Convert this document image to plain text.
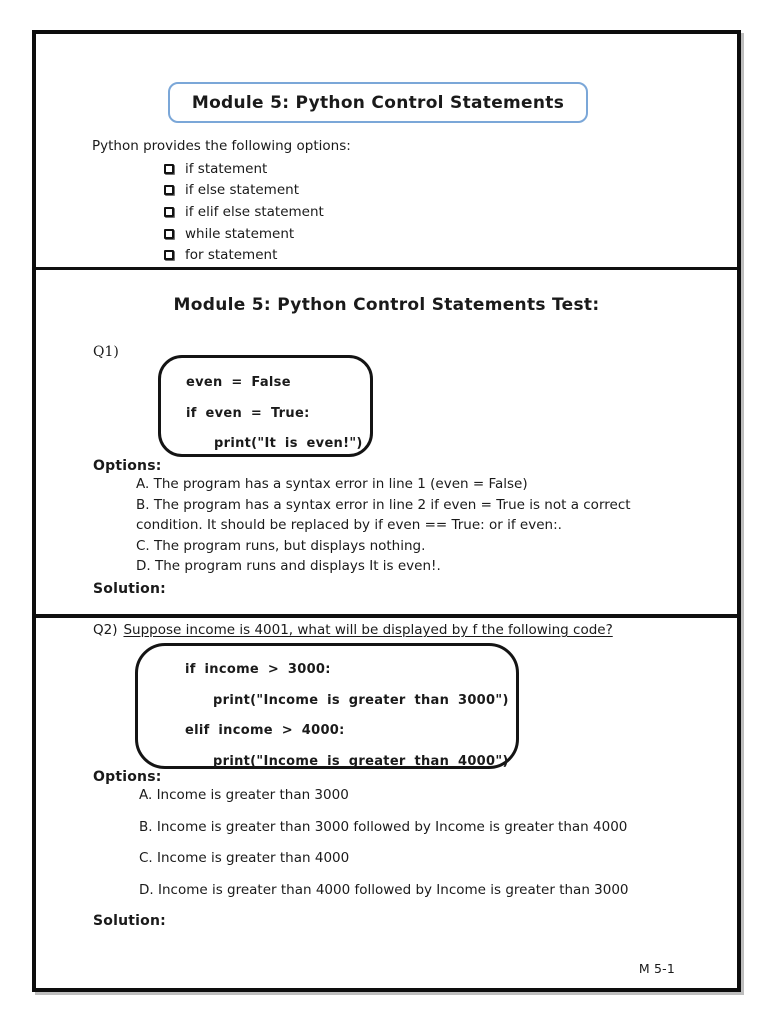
Module 5: Python Control Statements
Python provides the following options:
if statement
if else statement
if elif else statement
while statement
for statement
Module 5: Python Control Statements Test:
Q1)
even = False
if even = True:
print("It is even!")
Options:
A. The program has a syntax error in line 1 (even = False)
B. The program has a syntax error in line 2 if even = True is not a correct condition. It should be replaced by if even == True: or if even:.
C. The program runs, but displays nothing.
D. The program runs and displays It is even!.
Solution:
Q2) Suppose income is 4001, what will be displayed by f the following code?
if income > 3000:
print("Income is greater than 3000")
elif income > 4000:
print("Income is greater than 4000")
Options:
A. Income is greater than 3000
B. Income is greater than 3000 followed by Income is greater than 4000
C. Income is greater than 4000
D. Income is greater than 4000 followed by Income is greater than 3000
Solution:
M 5-1
